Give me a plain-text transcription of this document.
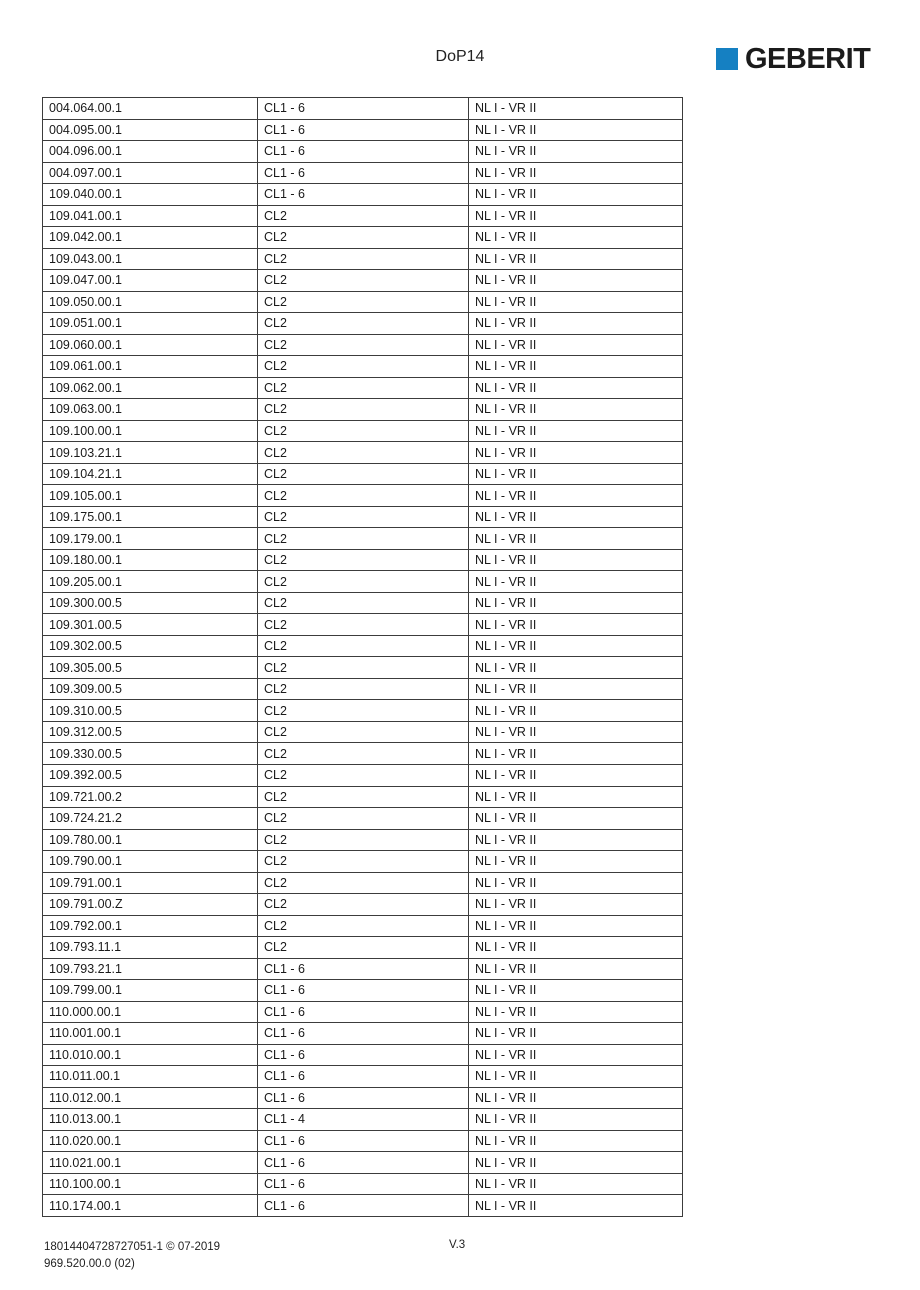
DoP14	GEBERIT
004.064.00.1	CL1 - 6	NL I - VR II
004.095.00.1	CL1 - 6	NL I - VR II
004.096.00.1	CL1 - 6	NL I - VR II
004.097.00.1	CL1 - 6	NL I - VR II
109.040.00.1	CL1 - 6	NL I - VR II
109.041.00.1	CL2	NL I - VR II
109.042.00.1	CL2	NL I - VR II
109.043.00.1	CL2	NL I - VR II
109.047.00.1	CL2	NL I - VR II
109.050.00.1	CL2	NL I - VR II
109.051.00.1	CL2	NL I - VR II
109.060.00.1	CL2	NL I - VR II
109.061.00.1	CL2	NL I - VR II
109.062.00.1	CL2	NL I - VR II
109.063.00.1	CL2	NL I - VR II
109.100.00.1	CL2	NL I - VR II
109.103.21.1	CL2	NL I - VR II
109.104.21.1	CL2	NL I - VR II
109.105.00.1	CL2	NL I - VR II
109.175.00.1	CL2	NL I - VR II
109.179.00.1	CL2	NL I - VR II
109.180.00.1	CL2	NL I - VR II
109.205.00.1	CL2	NL I - VR II
109.300.00.5	CL2	NL I - VR II
109.301.00.5	CL2	NL I - VR II
109.302.00.5	CL2	NL I - VR II
109.305.00.5	CL2	NL I - VR II
109.309.00.5	CL2	NL I - VR II
109.310.00.5	CL2	NL I - VR II
109.312.00.5	CL2	NL I - VR II
109.330.00.5	CL2	NL I - VR II
109.392.00.5	CL2	NL I - VR II
109.721.00.2	CL2	NL I - VR II
109.724.21.2	CL2	NL I - VR II
109.780.00.1	CL2	NL I - VR II
109.790.00.1	CL2	NL I - VR II
109.791.00.1	CL2	NL I - VR II
109.791.00.Z	CL2	NL I - VR II
109.792.00.1	CL2	NL I - VR II
109.793.11.1	CL2	NL I - VR II
109.793.21.1	CL1 - 6	NL I - VR II
109.799.00.1	CL1 - 6	NL I - VR II
110.000.00.1	CL1 - 6	NL I - VR II
110.001.00.1	CL1 - 6	NL I - VR II
110.010.00.1	CL1 - 6	NL I - VR II
110.011.00.1	CL1 - 6	NL I - VR II
110.012.00.1	CL1 - 6	NL I - VR II
110.013.00.1	CL1 - 4	NL I - VR II
110.020.00.1	CL1 - 6	NL I - VR II
110.021.00.1	CL1 - 6	NL I - VR II
110.100.00.1	CL1 - 6	NL I - VR II
110.174.00.1	CL1 - 6	NL I - VR II
18014404728727051-1 © 07-2019
969.520.00.0 (02)
V.3
